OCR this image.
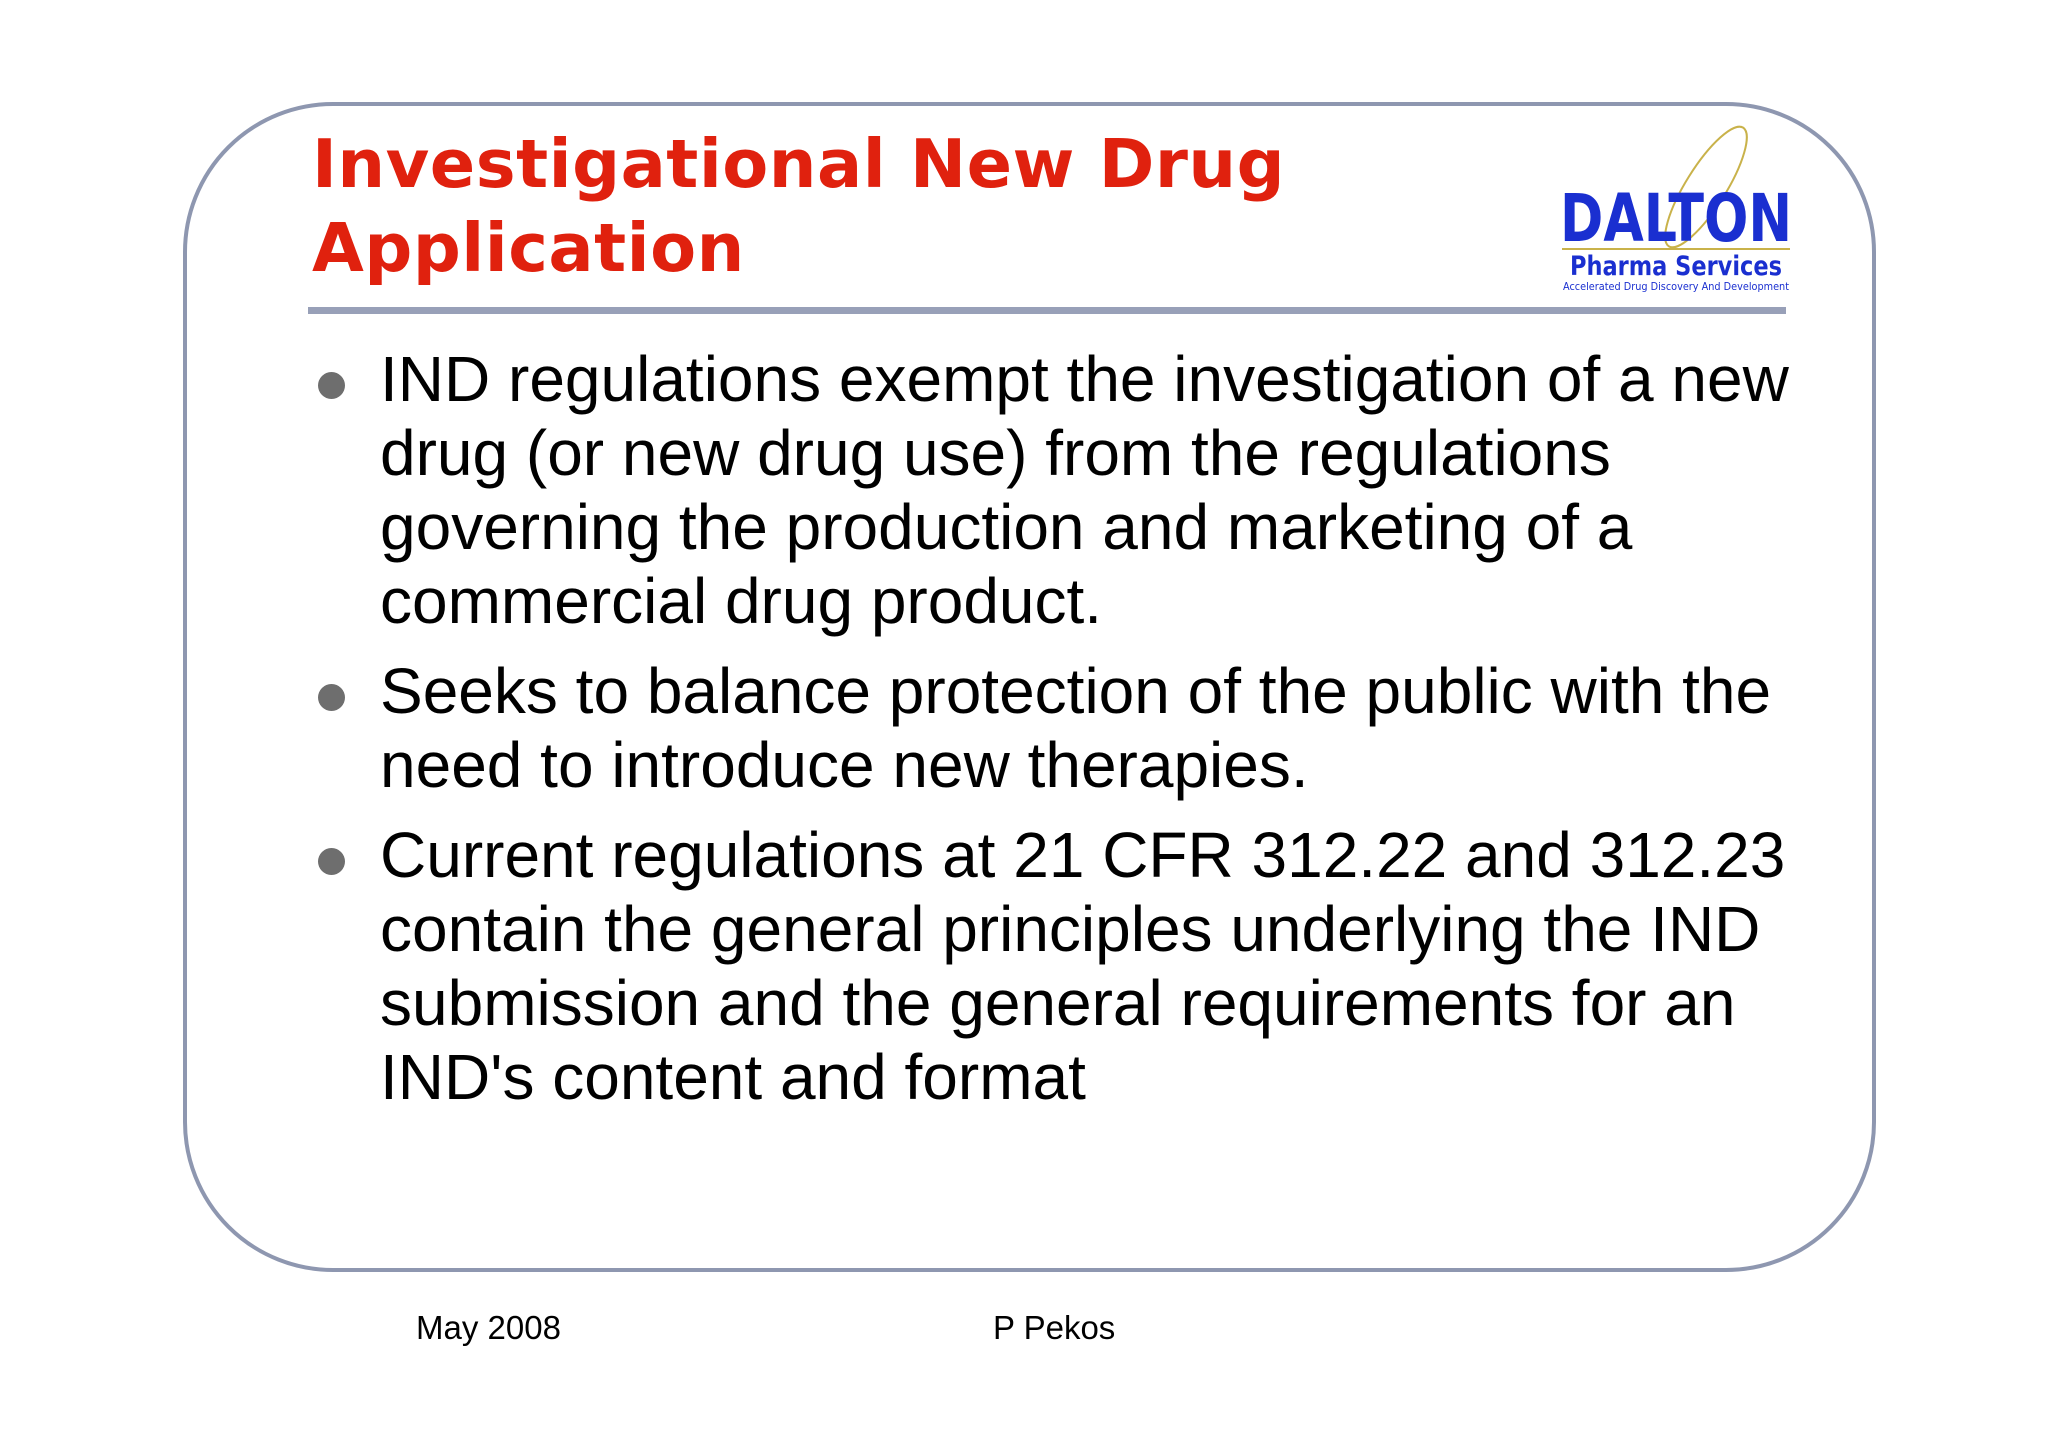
Investigational New Drug Application	DALTON
Pharma Services
Accelerated Drug Discovery And Development
IND regulations exempt the investigation of a new drug (or new drug use) from the regulations governing the production and marketing of a commercial drug product.
Seeks to balance protection of the public with the need to introduce new therapies.
Current regulations at 21 CFR 312.22 and 312.23 contain the general principles underlying the IND submission and the general requirements for an IND's content and format
May 2008	P Pekos
